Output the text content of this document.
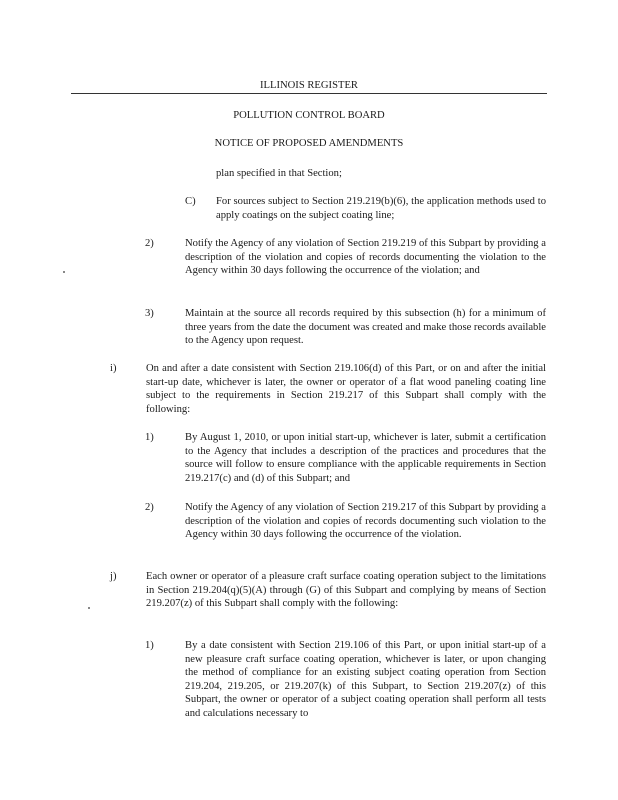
ILLINOIS REGISTER
POLLUTION CONTROL BOARD
NOTICE OF PROPOSED AMENDMENTS
plan specified in that Section;
C) For sources subject to Section 219.219(b)(6), the application methods used to apply coatings on the subject coating line;
2)	Notify the Agency of any violation of Section 219.219 of this Subpart by providing a description of the violation and copies of records documenting the violation to the Agency within 30 days following the occurrence of the violation; and
3)	Maintain at the source all records required by this subsection (h) for a minimum of three years from the date the document was created and make those records available to the Agency upon request.
i)	On and after a date consistent with Section 219.106(d) of this Part, or on and after the initial start-up date, whichever is later, the owner or operator of a flat wood paneling coating line subject to the requirements in Section 219.217 of this Subpart shall comply with the following:
1)	By August 1, 2010, or upon initial start-up, whichever is later, submit a certification to the Agency that includes a description of the practices and procedures that the source will follow to ensure compliance with the applicable requirements in Section 219.217(c) and (d) of this Subpart; and
2)	Notify the Agency of any violation of Section 219.217 of this Subpart by providing a description of the violation and copies of records documenting such violation to the Agency within 30 days following the occurrence of the violation.
j)	Each owner or operator of a pleasure craft surface coating operation subject to the limitations in Section 219.204(q)(5)(A) through (G) of this Subpart and complying by means of Section 219.207(z) of this Subpart shall comply with the following:
1)	By a date consistent with Section 219.106 of this Part, or upon initial start-up of a new pleasure craft surface coating operation, whichever is later, or upon changing the method of compliance for an existing subject coating operation from Section 219.204, 219.205, or 219.207(k) of this Subpart, to Section 219.207(z) of this Subpart, the owner or operator of a subject coating operation shall perform all tests and calculations necessary to
